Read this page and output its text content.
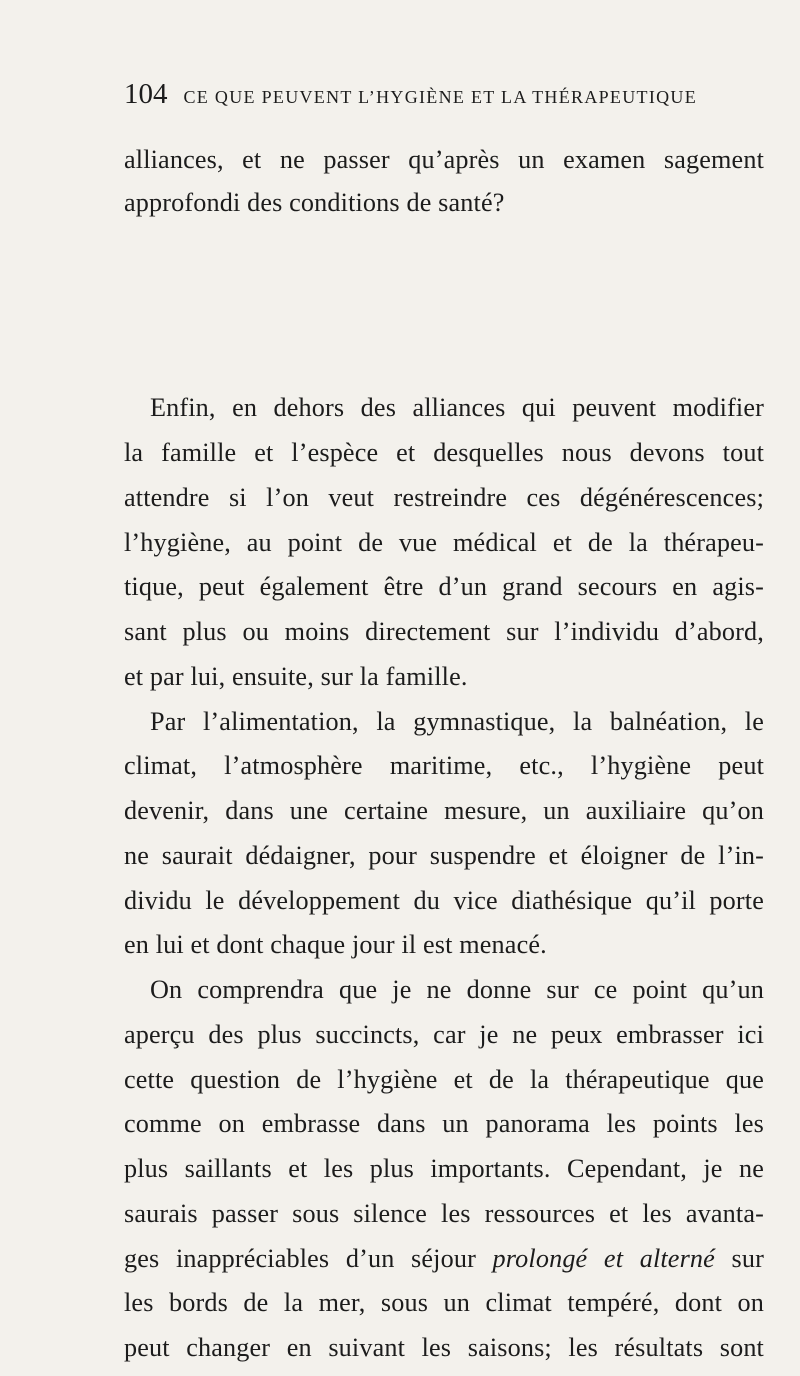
104 CE QUE PEUVENT L’HYGIÈNE ET LA THÉRAPEUTIQUE
alliances, et ne passer qu’après un examen sagement
approfondi des conditions de santé?
Enfin, en dehors des alliances qui peuvent modifier
la famille et l’espèce et desquelles nous devons tout
attendre si l’on veut restreindre ces dégénérescences;
l’hygiène, au point de vue médical et de la thérapeu-
tique, peut également être d’un grand secours en agis-
sant plus ou moins directement sur l’individu d’abord,
et par lui, ensuite, sur la famille.
Par l’alimentation, la gymnastique, la balnéation, le
climat, l’atmosphère maritime, etc., l’hygiène peut
devenir, dans une certaine mesure, un auxiliaire qu’on
ne saurait dédaigner, pour suspendre et éloigner de l’in-
dividu le développement du vice diathésique qu’il porte
en lui et dont chaque jour il est menacé.
On comprendra que je ne donne sur ce point qu’un
aperçu des plus succincts, car je ne peux embrasser ici
cette question de l’hygiène et de la thérapeutique que
comme on embrasse dans un panorama les points les
plus saillants et les plus importants. Cependant, je ne
saurais passer sous silence les ressources et les avanta-
ges inappréciables d’un séjour prolongé et alterné sur
les bords de la mer, sous un climat tempéré, dont on
peut changer en suivant les saisons; les résultats sont
